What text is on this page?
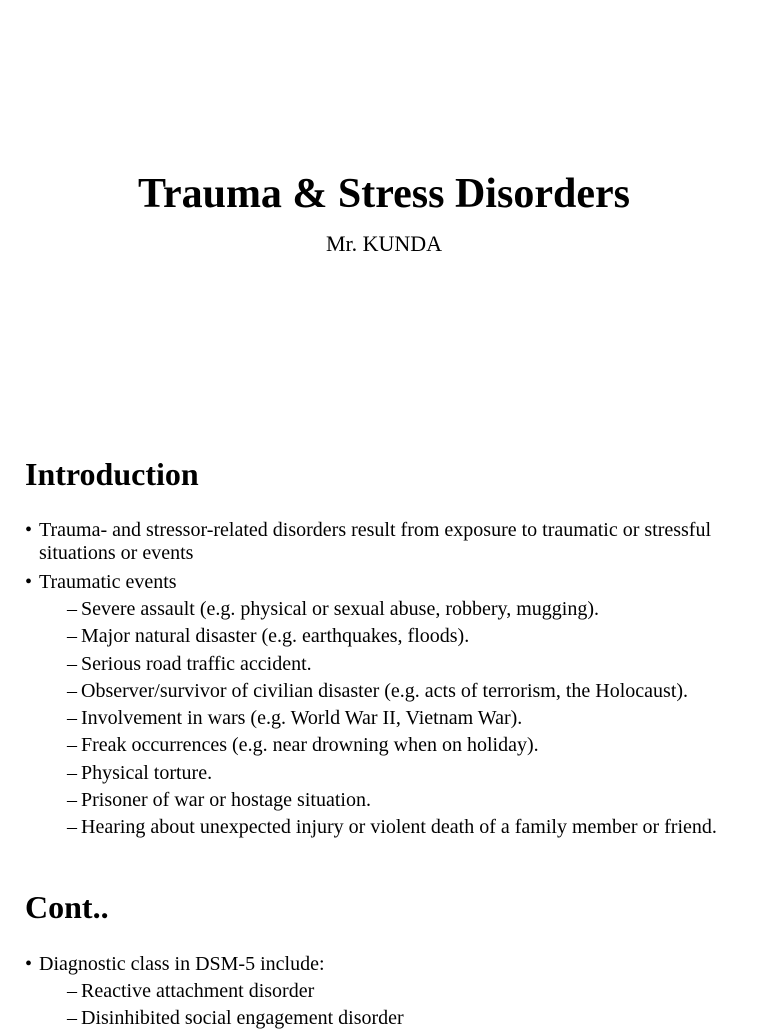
Trauma & Stress Disorders

Mr. KUNDA

Introduction
• Trauma- and stressor-related disorders result from exposure to traumatic or stressful situations or events
• Traumatic events
– Severe assault (e.g. physical or sexual abuse, robbery, mugging).
– Major natural disaster (e.g. earthquakes, floods).
– Serious road traffic accident.
– Observer/survivor of civilian disaster (e.g. acts of terrorism, the Holocaust).
– Involvement in wars (e.g. World War II, Vietnam War).
– Freak occurrences (e.g. near drowning when on holiday).
– Physical torture.
– Prisoner of war or hostage situation.
– Hearing about unexpected injury or violent death of a family member or friend.
Cont..
• Diagnostic class in DSM-5 include:
– Reactive attachment disorder
– Disinhibited social engagement disorder
